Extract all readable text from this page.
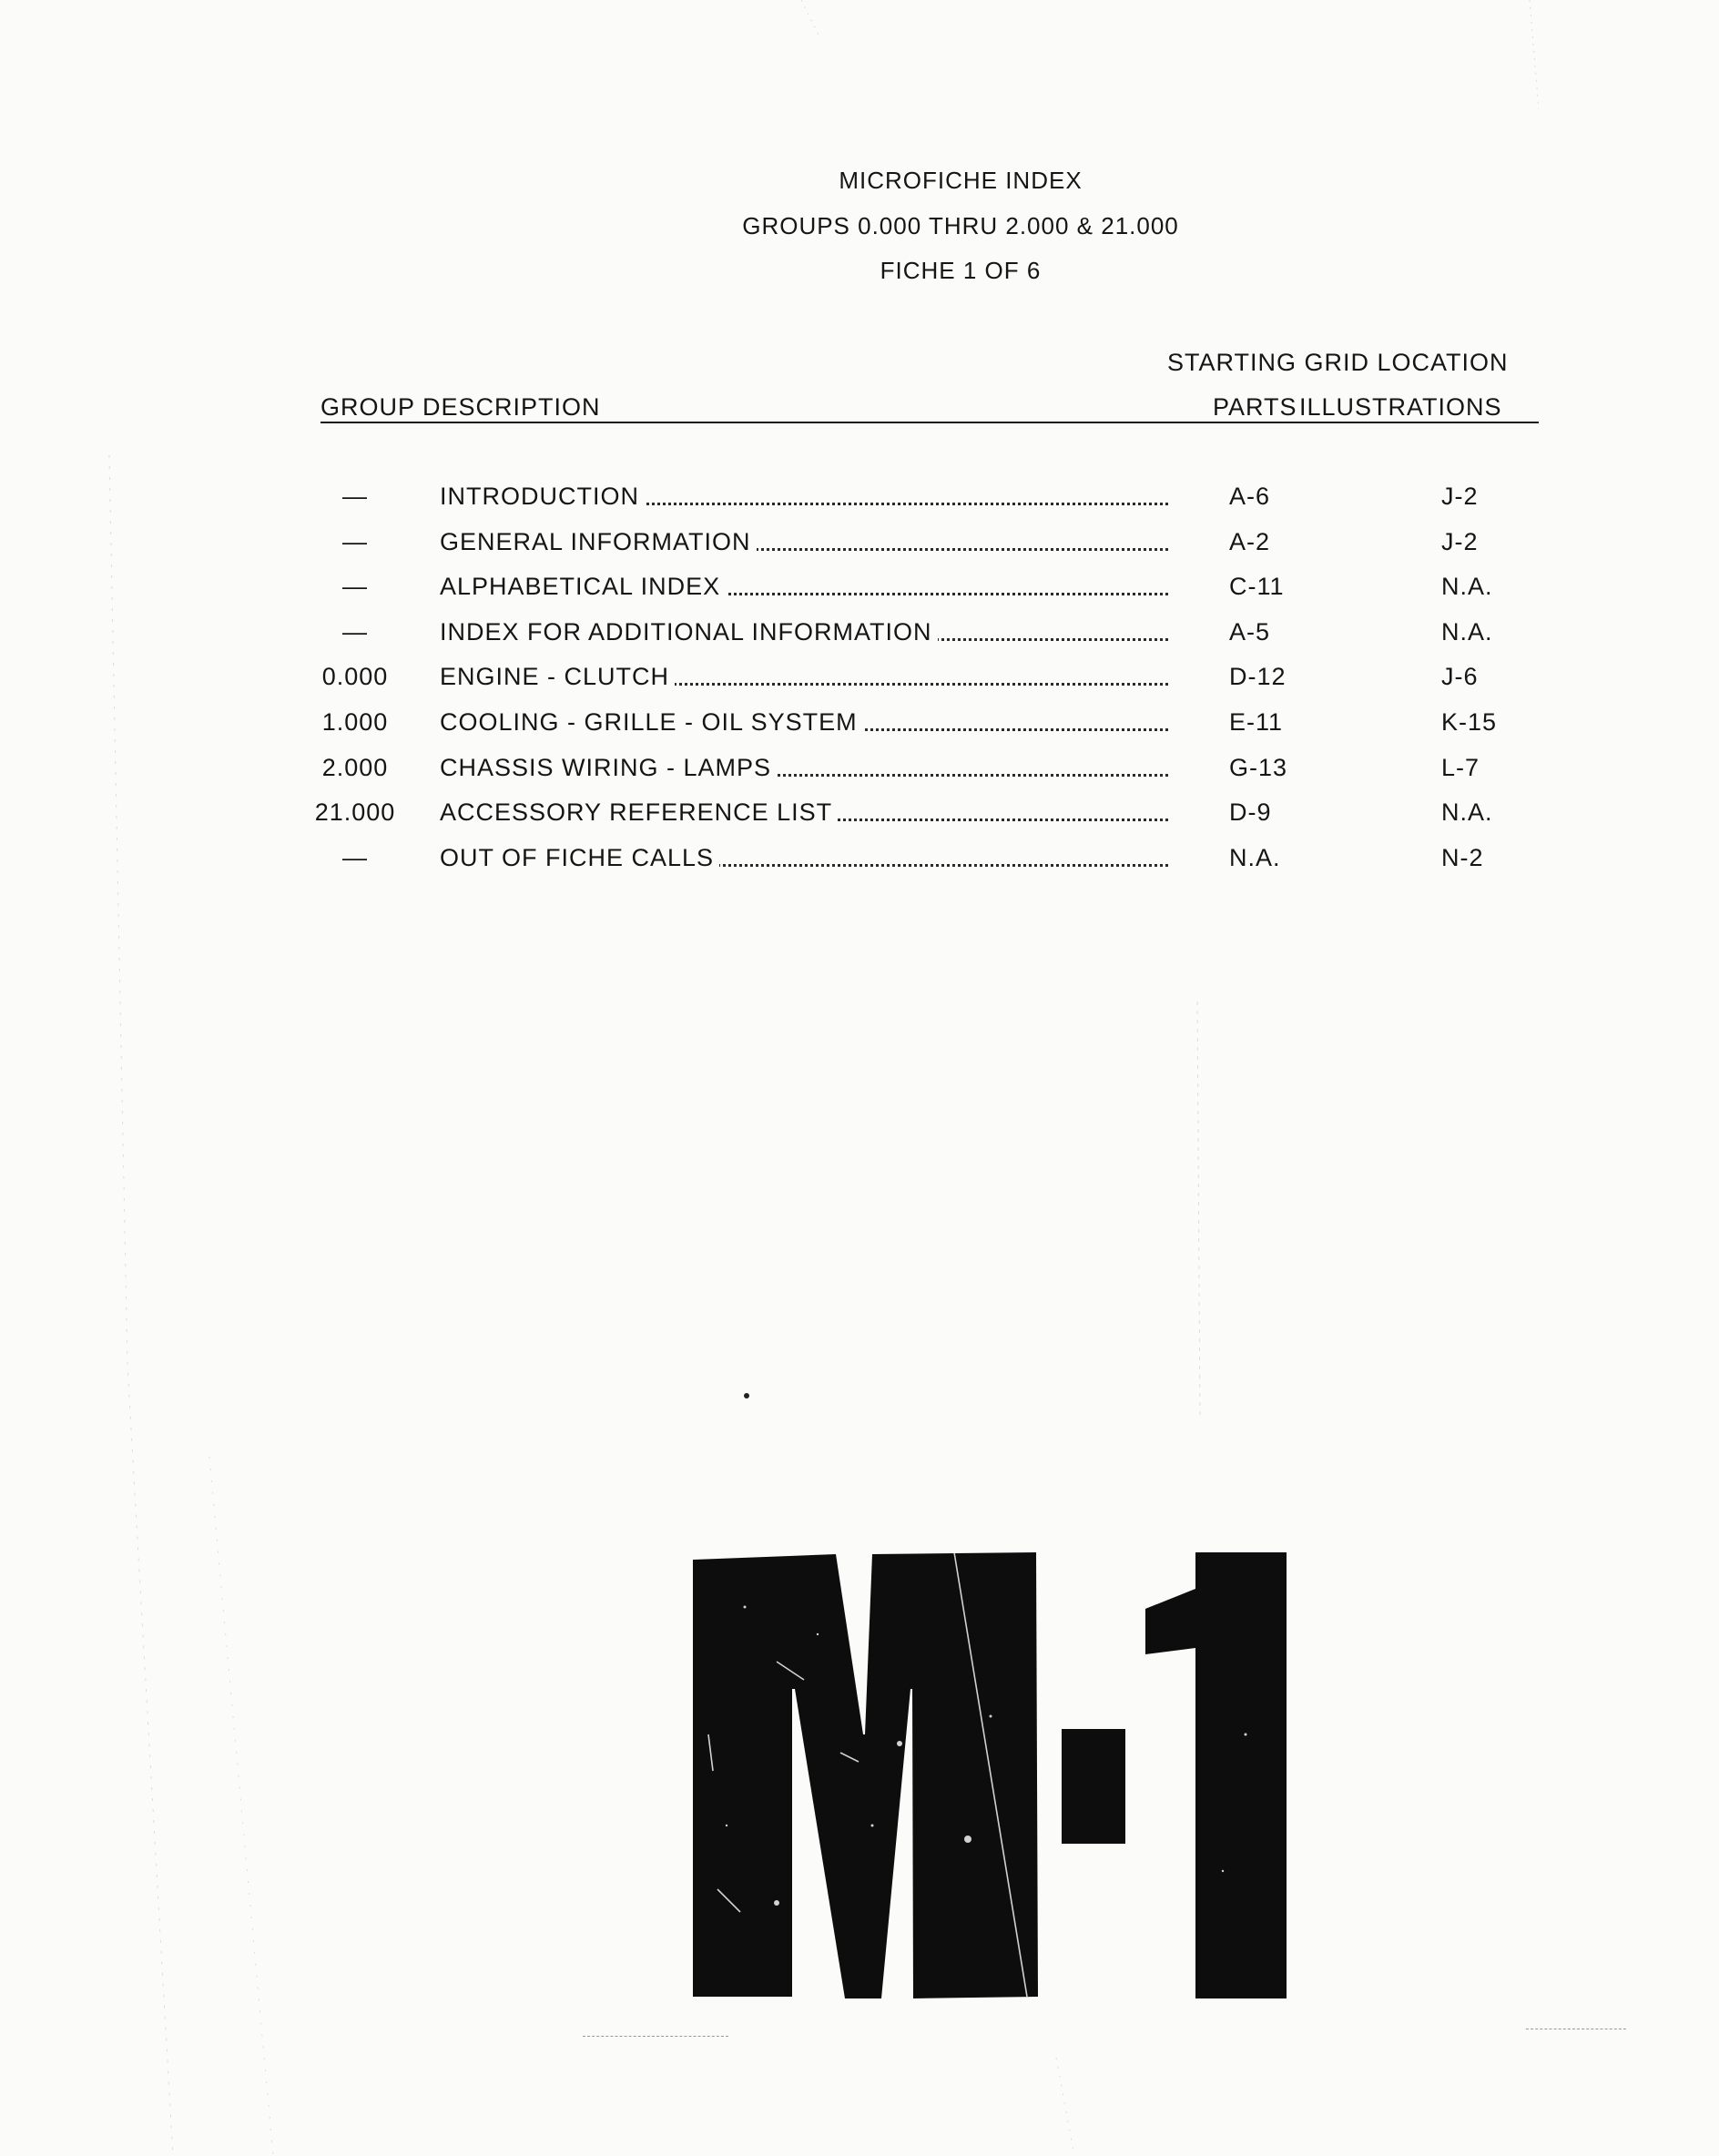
MICROFICHE INDEX
GROUPS 0.000 THRU 2.000 & 21.000
FICHE 1 OF 6
STARTING GRID LOCATION
GROUP DESCRIPTION	PARTS ILLUSTRATIONS
—	INTRODUCTION	A-6	J-2
—	GENERAL INFORMATION	A-2	J-2
—	ALPHABETICAL INDEX	C-11	N.A.
—	INDEX FOR ADDITIONAL INFORMATION	A-5	N.A.
0.000	ENGINE - CLUTCH	D-12	J-6
1.000	COOLING - GRILLE - OIL SYSTEM	E-11	K-15
2.000	CHASSIS WIRING - LAMPS	G-13	L-7
21.000	ACCESSORY REFERENCE LIST	D-9	N.A.
—	OUT OF FICHE CALLS	N.A.	N-2
